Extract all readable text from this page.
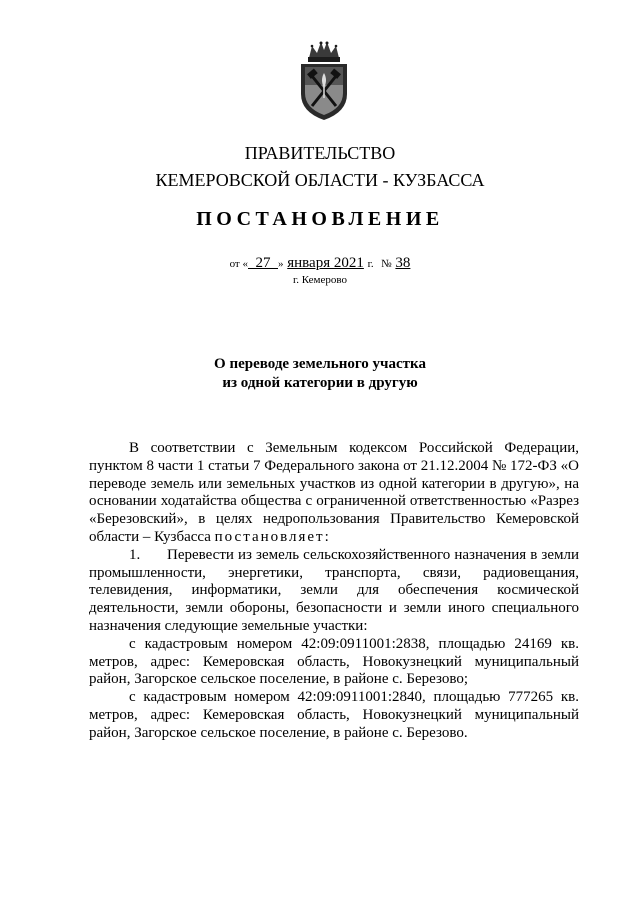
ПРАВИТЕЛЬСТВО
КЕМЕРОВСКОЙ ОБЛАСТИ - КУЗБАССА
ПОСТАНОВЛЕНИЕ
от « 27 » января 2021 г. № 38
г. Кемерово
О переводе земельного участка
из одной категории в другую

В соответствии с Земельным кодексом Российской Федерации, пунктом 8 части 1 статьи 7 Федерального закона от 21.12.2004 № 172-ФЗ «О переводе земель или земельных участков из одной категории в другую», на основании ходатайства общества с ограниченной ответственностью «Разрез «Березовский», в целях недропользования Правительство Кемеровской области – Кузбасса постановляет:

1. Перевести из земель сельскохозяйственного назначения в земли промышленности, энергетики, транспорта, связи, радиовещания, телевидения, информатики, земли для обеспечения космической деятельности, земли обороны, безопасности и земли иного специального назначения следующие земельные участки:

с кадастровым номером 42:09:0911001:2838, площадью 24169 кв. метров, адрес: Кемеровская область, Новокузнецкий муниципальный район, Загорское сельское поселение, в районе с. Березово;

с кадастровым номером 42:09:0911001:2840, площадью 777265 кв. метров, адрес: Кемеровская область, Новокузнецкий муниципальный район, Загорское сельское поселение, в районе с. Березово.
